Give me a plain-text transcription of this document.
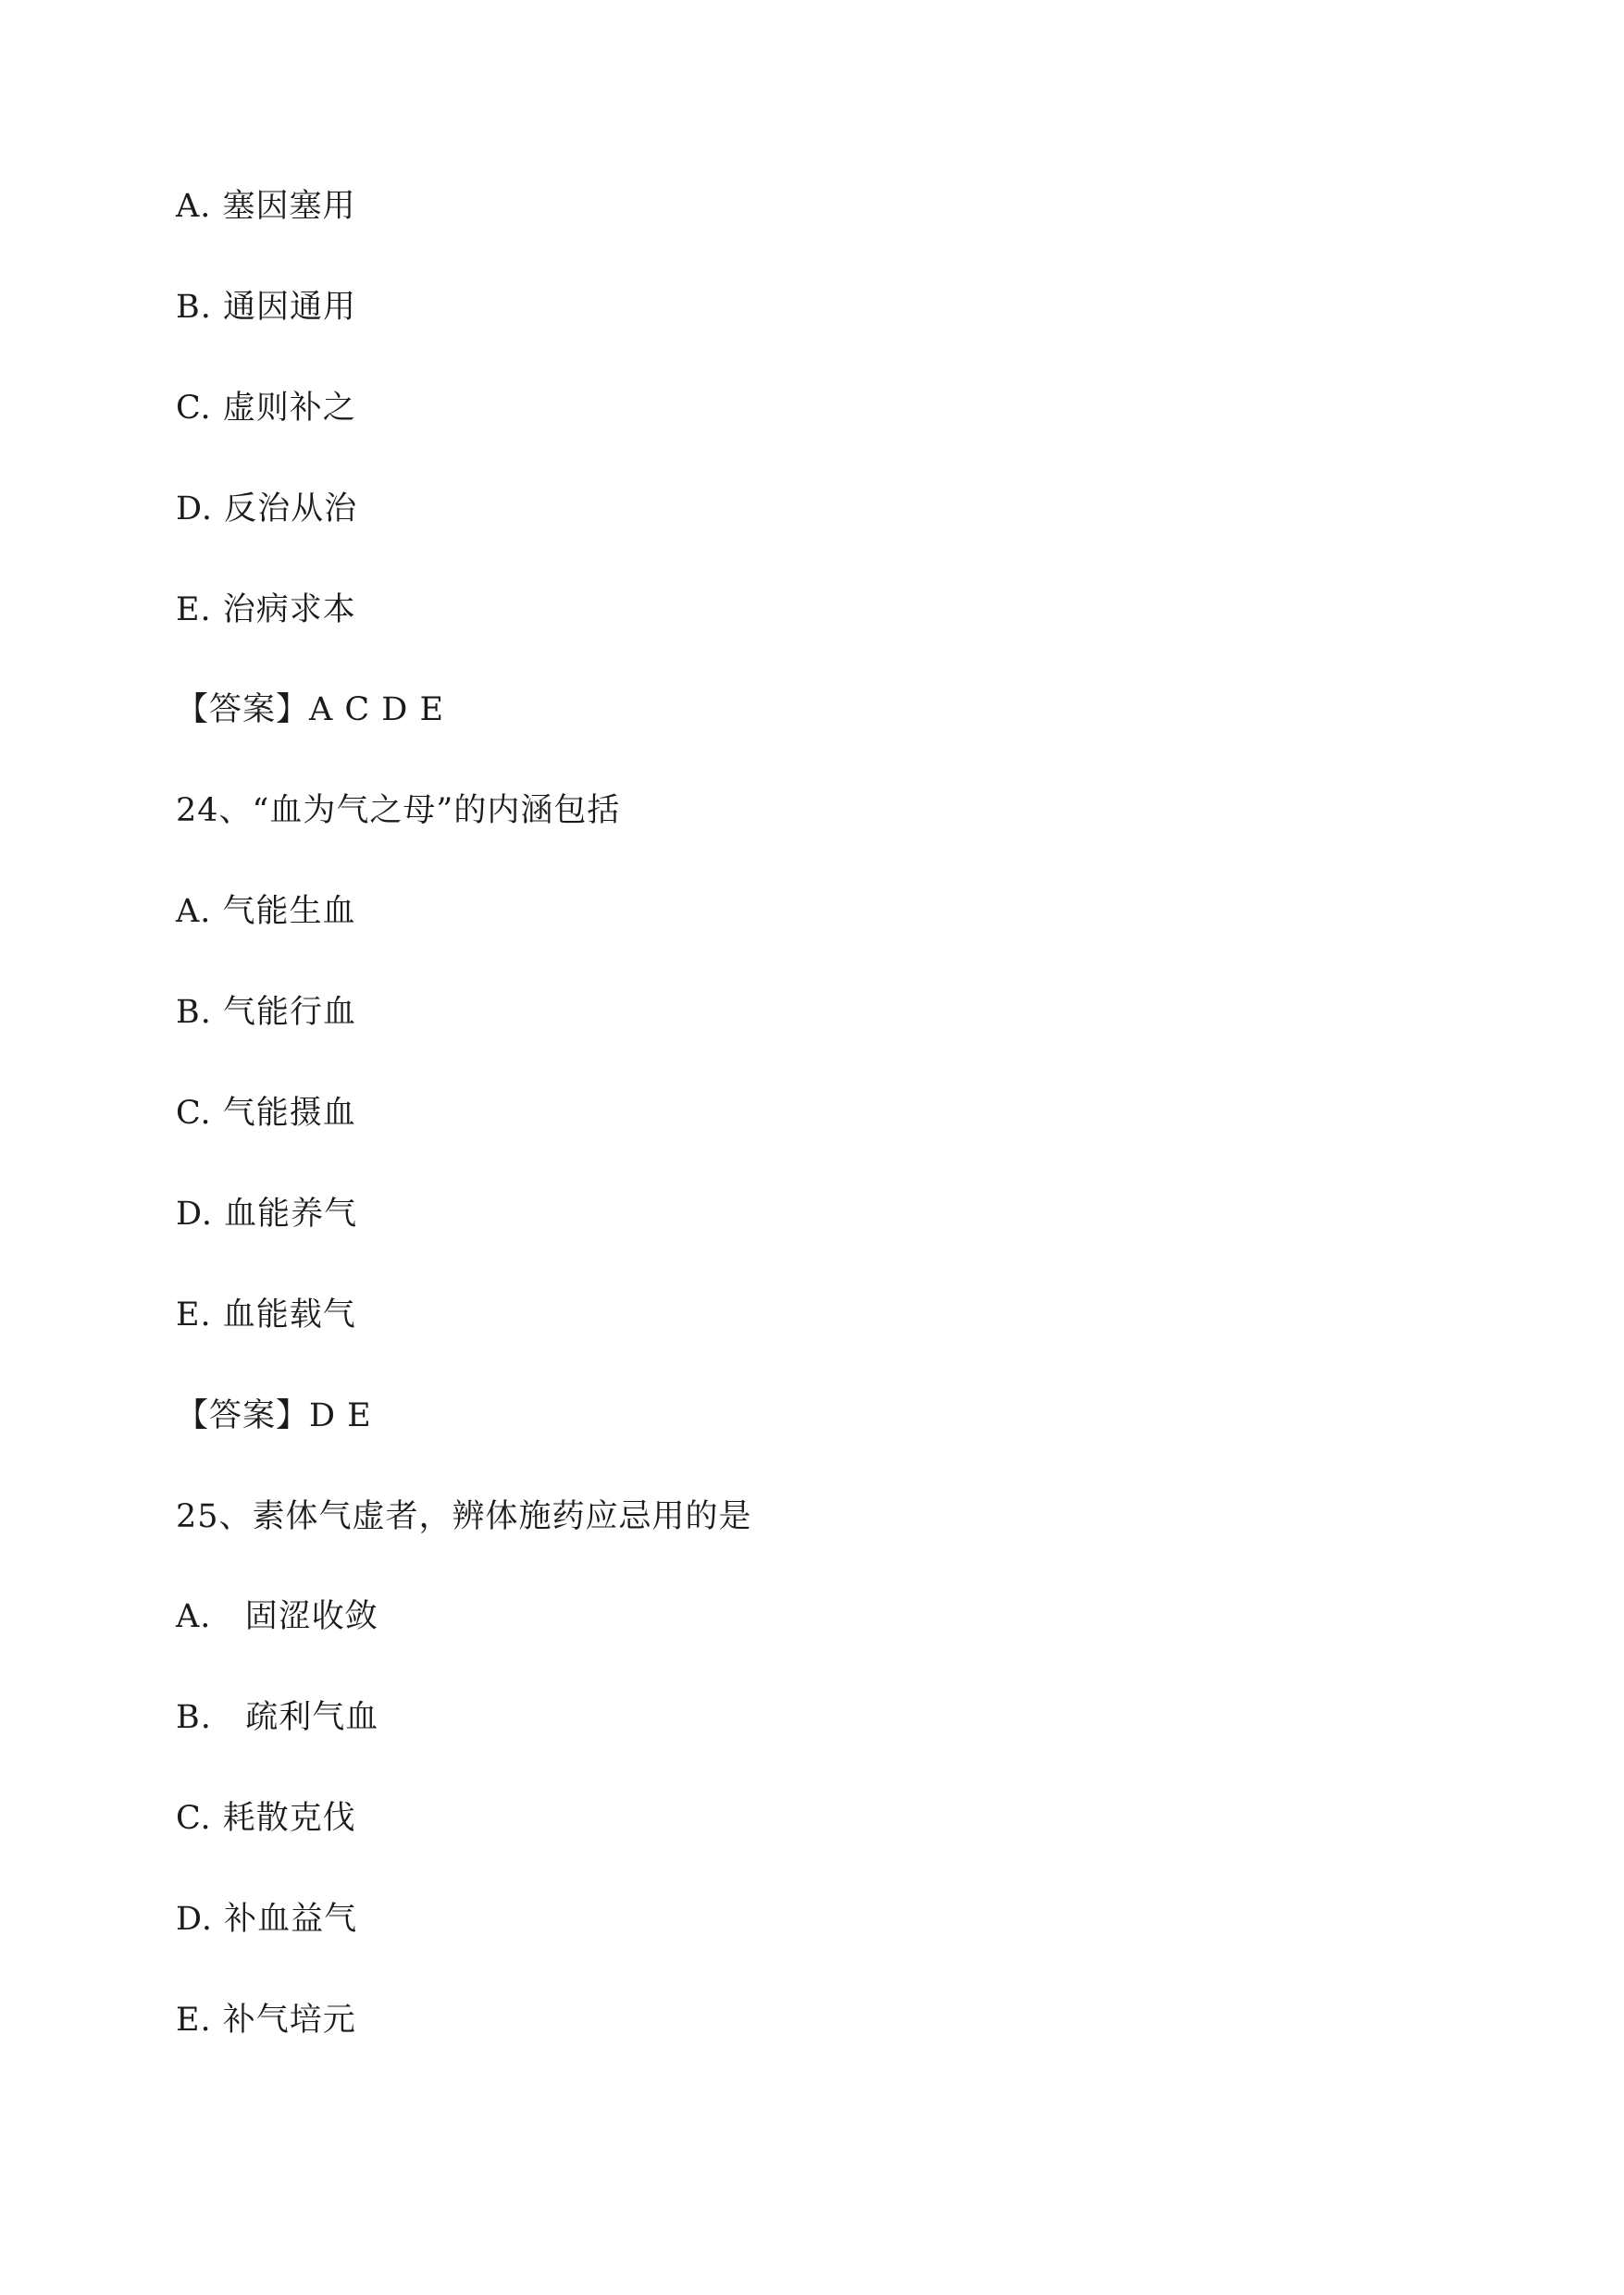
A. 塞因塞用
B. 通因通用
C. 虚则补之
D. 反治从治
E. 治病求本
【答案】A C D E
24、“血为气之母”的内涵包括
A. 气能生血
B. 气能行血
C. 气能摄血
D. 血能养气
E. 血能载气
【答案】D E
25、素体气虚者，辨体施药应忌用的是
A.   固涩收敛
B.   疏利气血
C. 耗散克伐
D. 补血益气
E. 补气培元
